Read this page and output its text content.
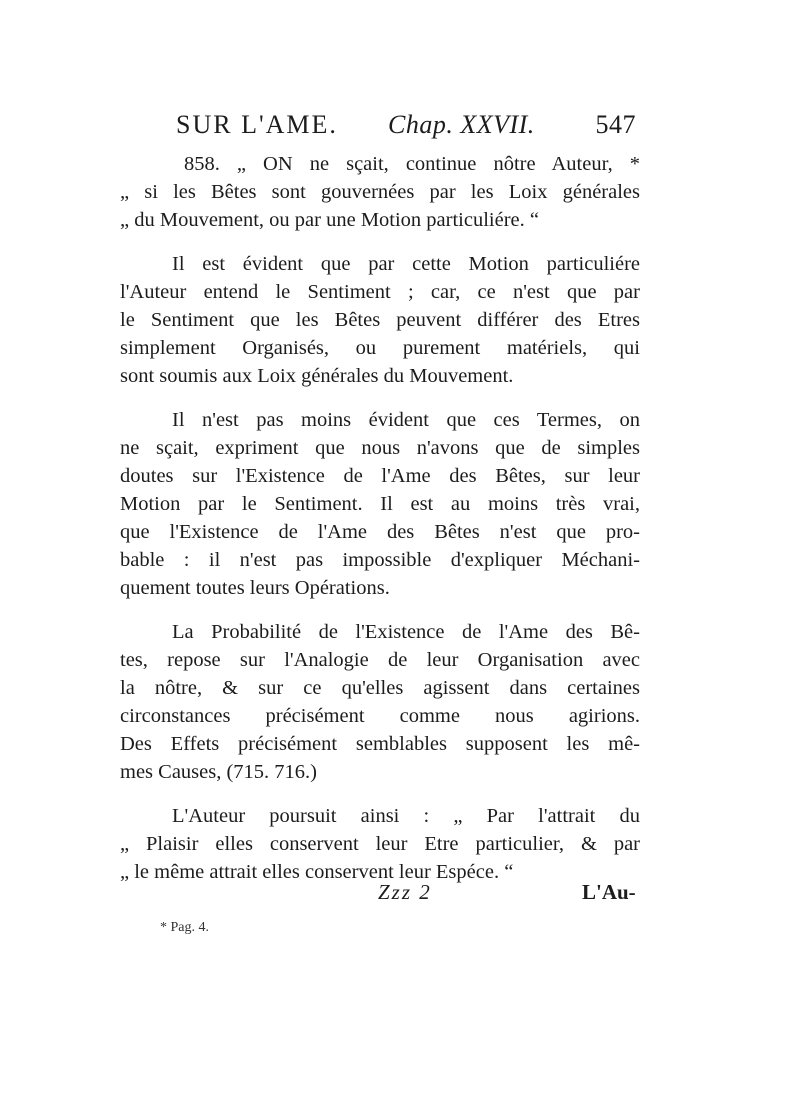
SUR L'AME. Chap. XXVII. 547
858. „ ON ne sçait, continue nôtre Auteur, *
„ si les Bêtes sont gouvernées par les Loix générales
„ du Mouvement, ou par une Motion particuliére. “
Il est évident que par cette Motion particuliére
l'Auteur entend le Sentiment ; car, ce n'est que par
le Sentiment que les Bêtes peuvent différer des Etres
simplement Organisés, ou purement matériels, qui
sont soumis aux Loix générales du Mouvement.
Il n'est pas moins évident que ces Termes, on
ne sçait, expriment que nous n'avons que de simples
doutes sur l'Existence de l'Ame des Bêtes, sur leur
Motion par le Sentiment. Il est au moins très vrai,
que l'Existence de l'Ame des Bêtes n'est que pro-
bable : il n'est pas impossible d'expliquer Méchani-
quement toutes leurs Opérations.
La Probabilité de l'Existence de l'Ame des Bê-
tes, repose sur l'Analogie de leur Organisation avec
la nôtre, & sur ce qu'elles agissent dans certaines
circonstances précisément comme nous agirions.
Des Effets précisément semblables supposent les mê-
mes Causes, (715. 716.)
L'Auteur poursuit ainsi : „ Par l'attrait du
„ Plaisir elles conservent leur Etre particulier, & par
„ le même attrait elles conservent leur Espéce. “
Zzz 2	L'Au-
* Pag. 4.
